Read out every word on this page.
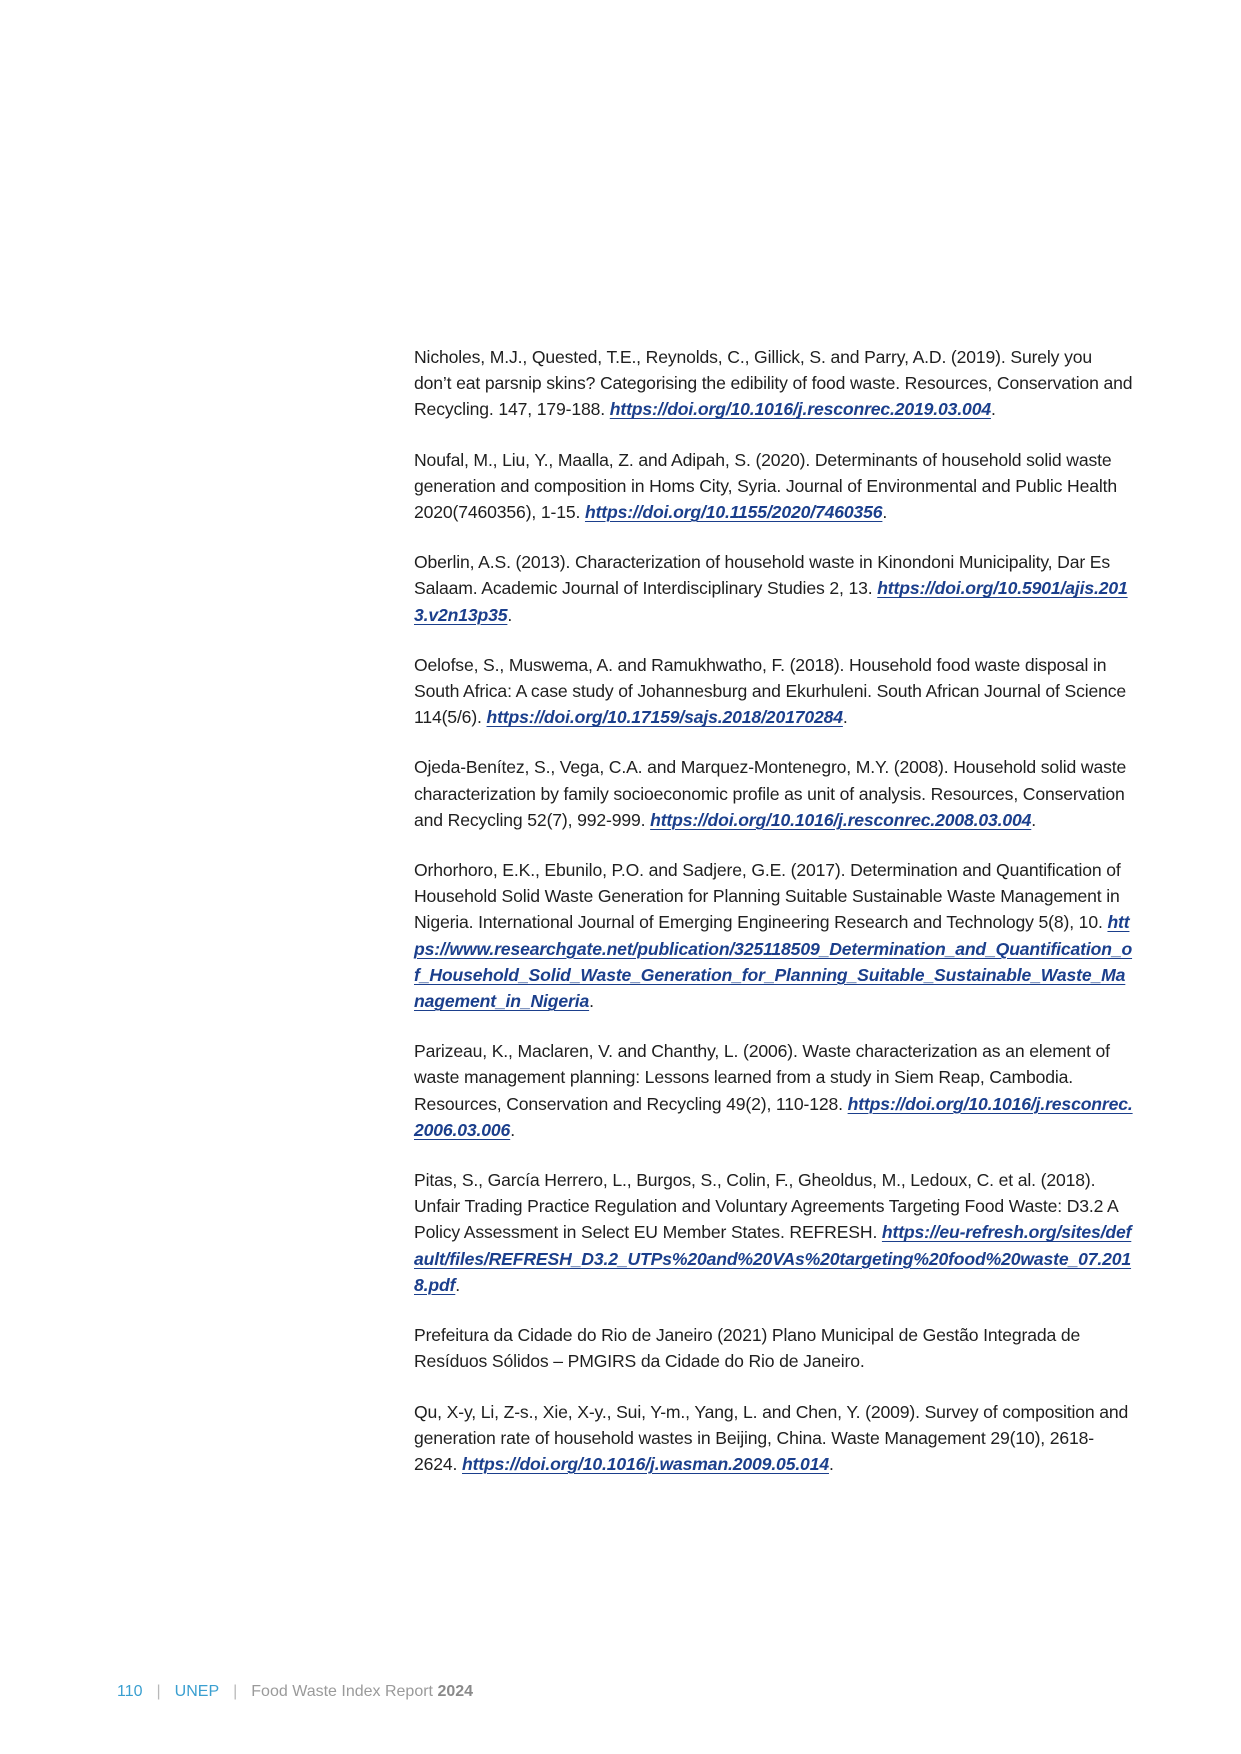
Nicholes, M.J., Quested, T.E., Reynolds, C., Gillick, S. and Parry, A.D. (2019). Surely you don’t eat parsnip skins? Categorising the edibility of food waste. Resources, Conservation and Recycling. 147, 179-188. https://doi.org/10.1016/j.resconrec.2019.03.004.

Noufal, M., Liu, Y., Maalla, Z. and Adipah, S. (2020). Determinants of household solid waste generation and composition in Homs City, Syria. Journal of Environmental and Public Health 2020(7460356), 1-15. https://doi.org/10.1155/2020/7460356.

Oberlin, A.S. (2013). Characterization of household waste in Kinondoni Municipality, Dar Es Salaam. Academic Journal of Interdisciplinary Studies 2, 13. https://doi.org/10.5901/ajis.2013.v2n13p35.

Oelofse, S., Muswema, A. and Ramukhwatho, F. (2018). Household food waste disposal in South Africa: A case study of Johannesburg and Ekurhuleni. South African Journal of Science 114(5/6). https://doi.org/10.17159/sajs.2018/20170284.

Ojeda-Benítez, S., Vega, C.A. and Marquez-Montenegro, M.Y. (2008). Household solid waste characterization by family socioeconomic profile as unit of analysis. Resources, Conservation and Recycling 52(7), 992-999. https://doi.org/10.1016/j.resconrec.2008.03.004.

Orhorhoro, E.K., Ebunilo, P.O. and Sadjere, G.E. (2017). Determination and Quantification of Household Solid Waste Generation for Planning Suitable Sustainable Waste Management in Nigeria. International Journal of Emerging Engineering Research and Technology 5(8), 10. https://www.researchgate.net/publication/325118509_Determination_and_Quantification_of_Household_Solid_Waste_Generation_for_Planning_Suitable_Sustainable_Waste_Management_in_Nigeria.

Parizeau, K., Maclaren, V. and Chanthy, L. (2006). Waste characterization as an element of waste management planning: Lessons learned from a study in Siem Reap, Cambodia. Resources, Conservation and Recycling 49(2), 110-128. https://doi.org/10.1016/j.resconrec.2006.03.006.

Pitas, S., García Herrero, L., Burgos, S., Colin, F., Gheoldus, M., Ledoux, C. et al. (2018). Unfair Trading Practice Regulation and Voluntary Agreements Targeting Food Waste: D3.2 A Policy Assessment in Select EU Member States. REFRESH. https://eu-refresh.org/sites/default/files/REFRESH_D3.2_UTPs%20and%20VAs%20targeting%20food%20waste_07.2018.pdf.

Prefeitura da Cidade do Rio de Janeiro (2021) Plano Municipal de Gestão Integrada de Resíduos Sólidos – PMGIRS da Cidade do Rio de Janeiro.

Qu, X-y, Li, Z-s., Xie, X-y., Sui, Y-m., Yang, L. and Chen, Y. (2009). Survey of composition and generation rate of household wastes in Beijing, China. Waste Management 29(10), 2618-2624. https://doi.org/10.1016/j.wasman.2009.05.014.

110 | UNEP | Food Waste Index Report 2024
